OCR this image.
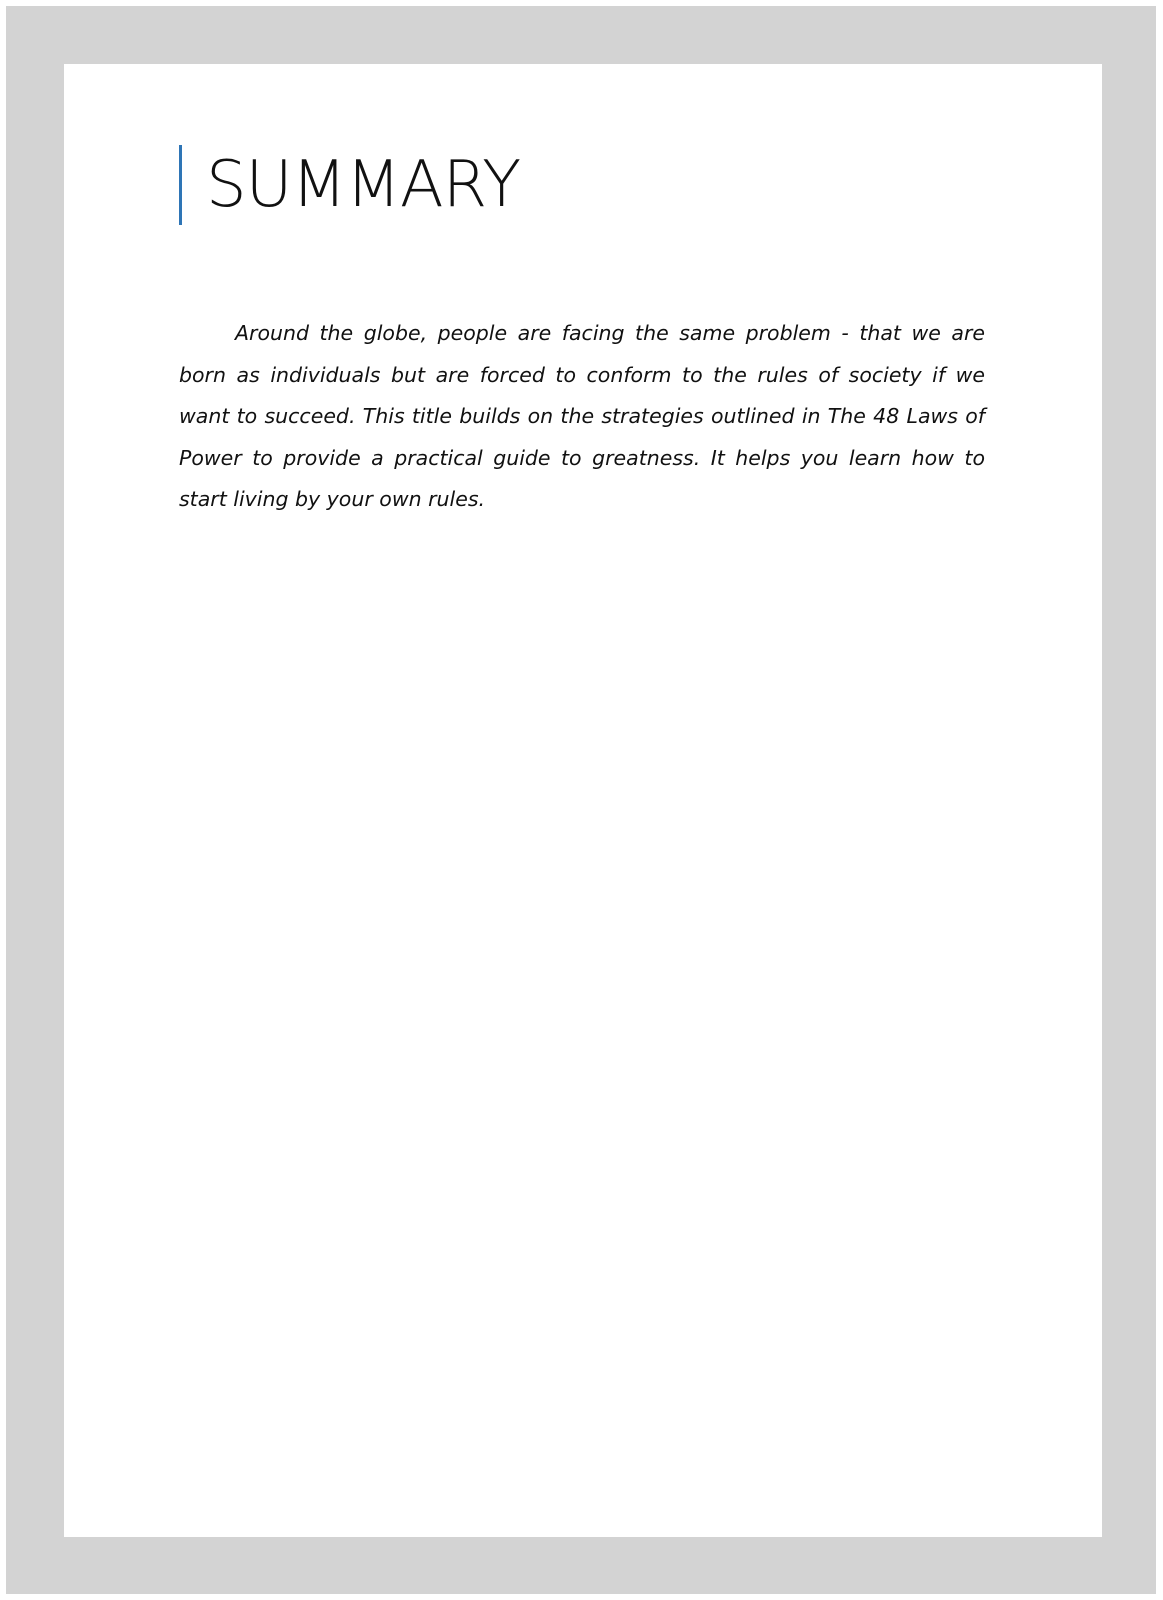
SUMMARY

Around the globe, people are facing the same problem - that we are born as individuals but are forced to conform to the rules of society if we want to succeed. This title builds on the strategies outlined in The 48 Laws of Power to provide a practical guide to greatness. It helps you learn how to start living by your own rules.
